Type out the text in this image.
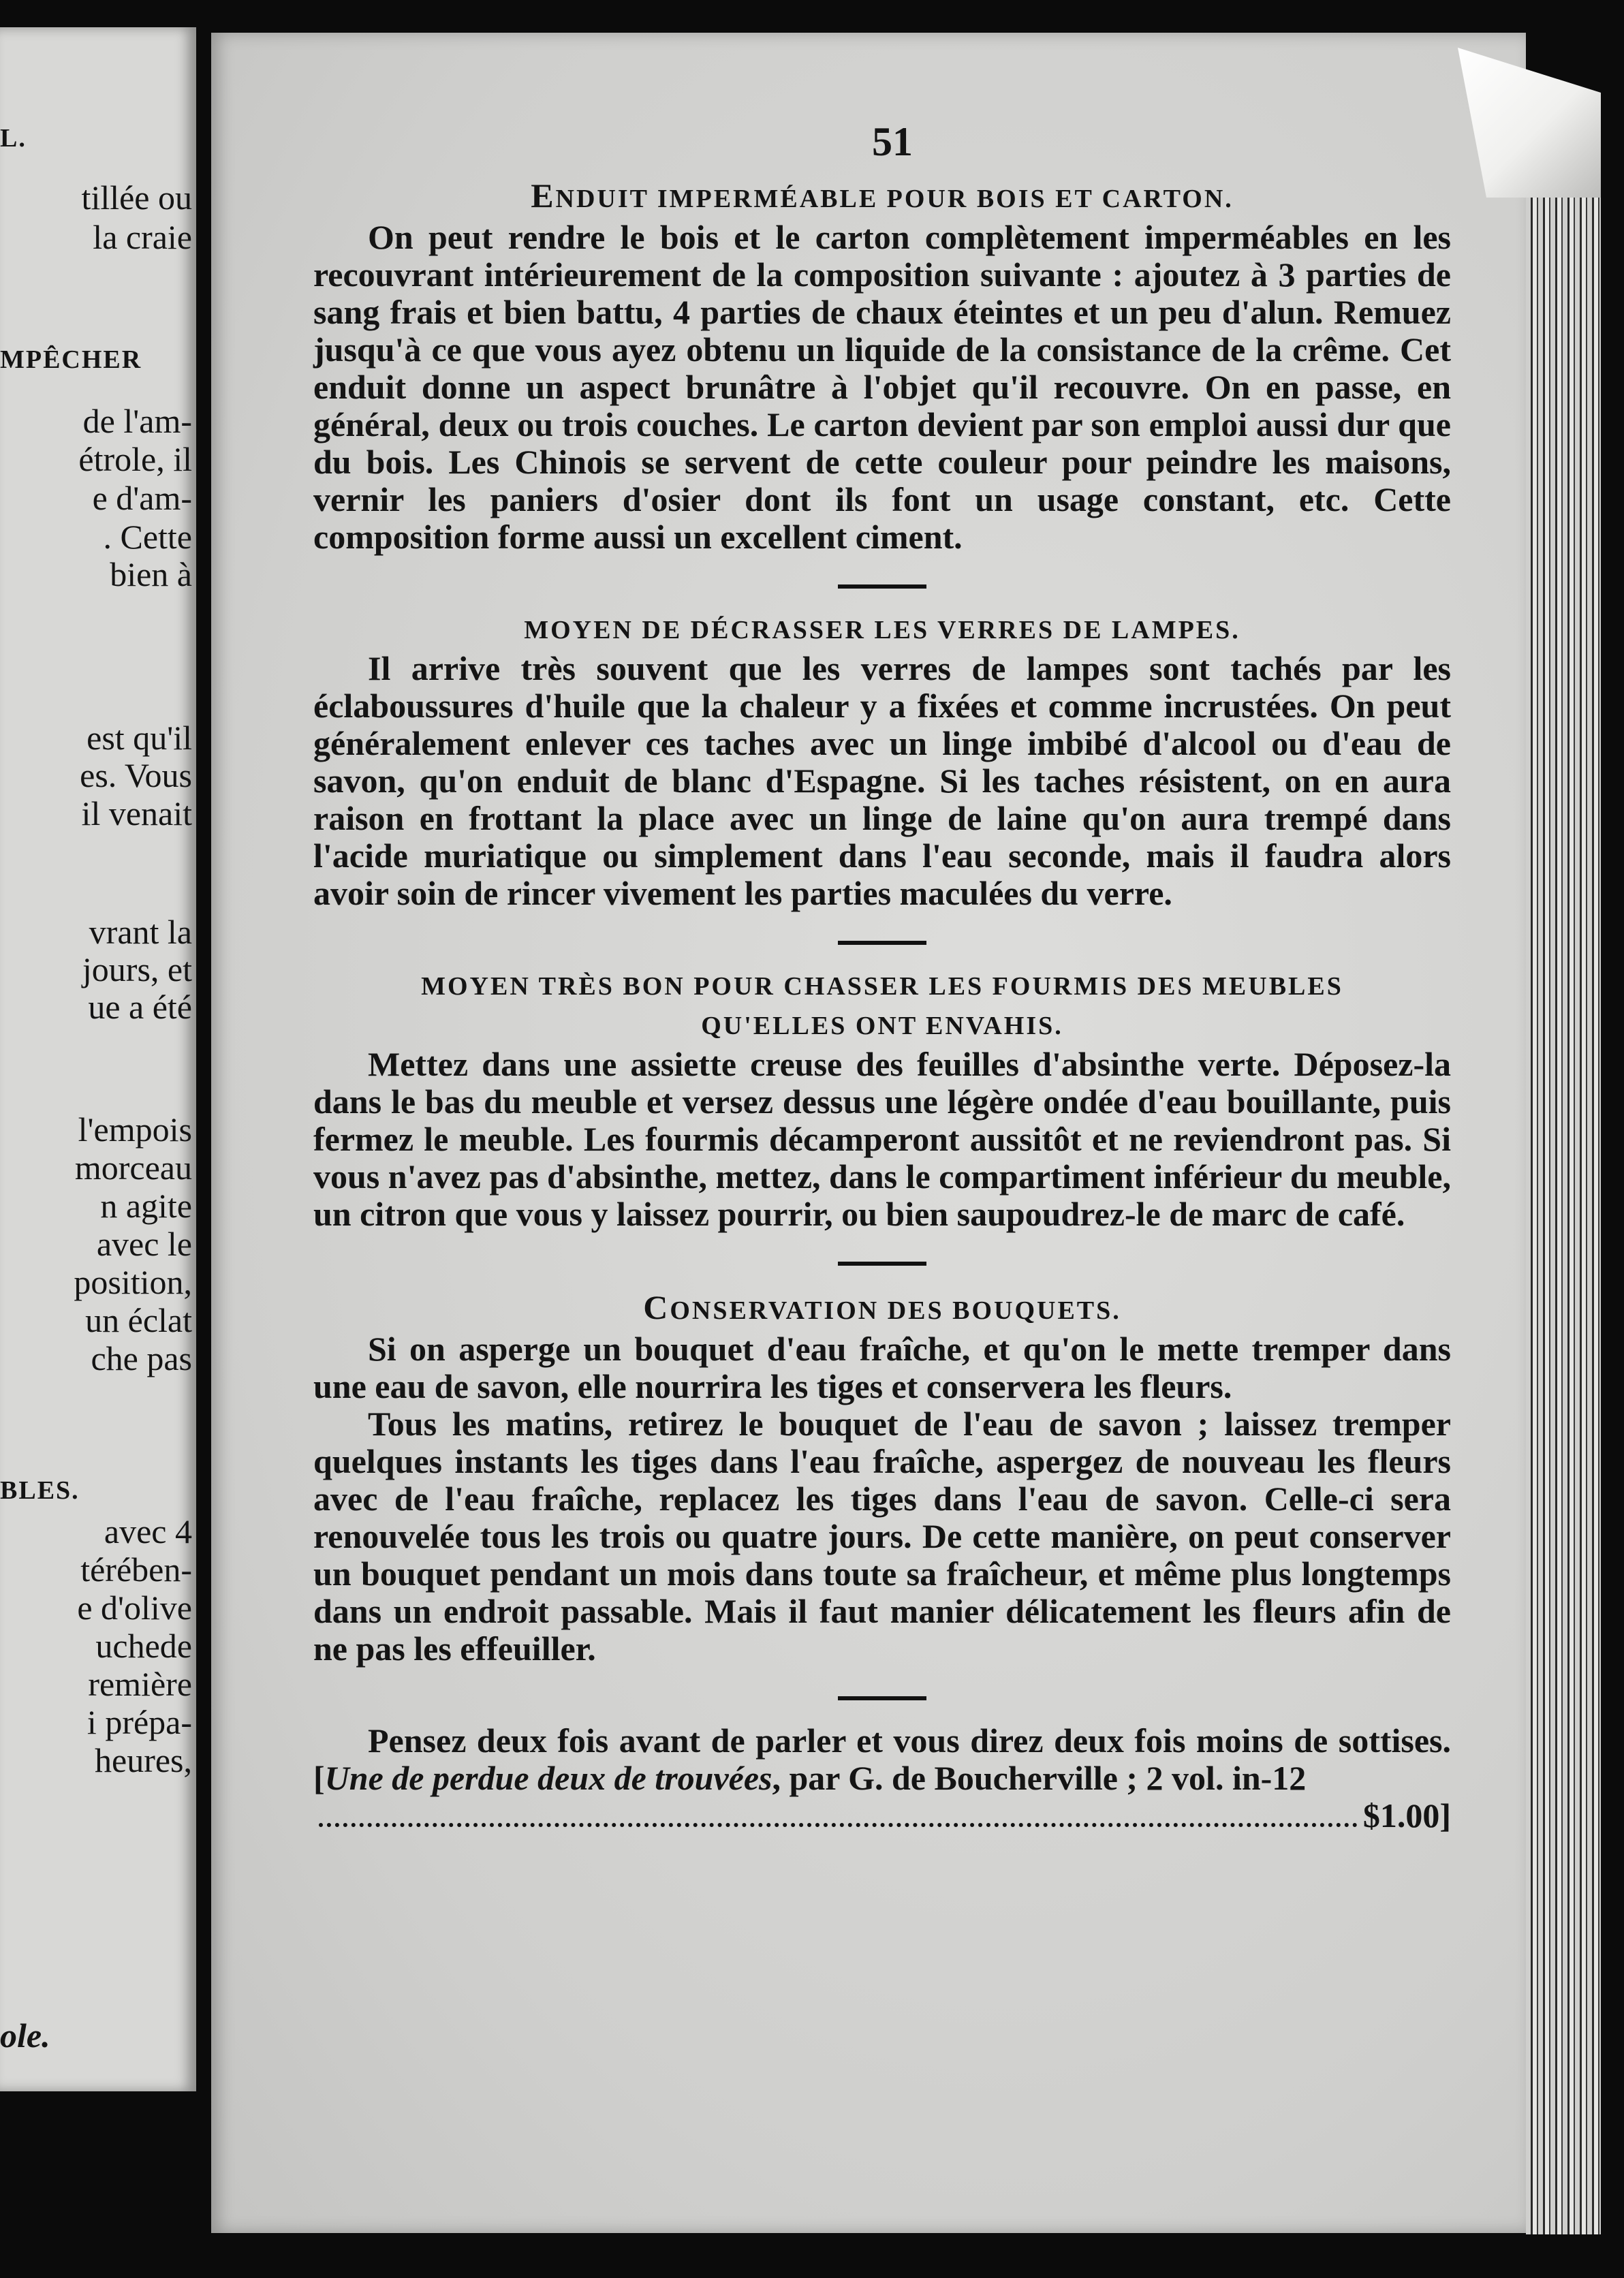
L.

tillée ou

la craie

MPÊCHER

de l'am-

étrole, il

e d'am-

. Cette

bien à

est qu'il

es. Vous

il venait

vrant la

jours, et

ue a été

l'empois

morceau

n agite

avec le

position,

un éclat

che pas

BLES.

avec 4

térében-

e d'olive

uchede

remière

i prépa-

heures,

ole.

51
ENDUIT IMPERMÉABLE POUR BOIS ET CARTON.

On peut rendre le bois et le carton complètement imperméables en les recouvrant intérieurement de la composition suivante : ajoutez à 3 parties de sang frais et bien battu, 4 parties de chaux éteintes et un peu d'alun. Remuez jusqu'à ce que vous ayez obtenu un liquide de la consistance de la crême. Cet enduit donne un aspect brunâtre à l'objet qu'il recouvre. On en passe, en général, deux ou trois couches. Le carton devient par son emploi aussi dur que du bois. Les Chinois se servent de cette couleur pour peindre les maisons, vernir les paniers d'osier dont ils font un usage constant, etc. Cette composition forme aussi un excellent ciment.

MOYEN DE DÉCRASSER LES VERRES DE LAMPES.

Il arrive très souvent que les verres de lampes sont tachés par les éclaboussures d'huile que la chaleur y a fixées et comme incrustées. On peut généralement enlever ces taches avec un linge imbibé d'alcool ou d'eau de savon, qu'on enduit de blanc d'Espagne. Si les taches résistent, on en aura raison en frottant la place avec un linge de laine qu'on aura trempé dans l'acide muriatique ou simplement dans l'eau seconde, mais il faudra alors avoir soin de rincer vivement les parties maculées du verre.

MOYEN TRÈS BON POUR CHASSER LES FOURMIS DES MEUBLES QU'ELLES ONT ENVAHIS.

Mettez dans une assiette creuse des feuilles d'absinthe verte. Déposez-la dans le bas du meuble et versez dessus une légère ondée d'eau bouillante, puis fermez le meuble. Les fourmis décamperont aussitôt et ne reviendront pas. Si vous n'avez pas d'absinthe, mettez, dans le compartiment inférieur du meuble, un citron que vous y laissez pourrir, ou bien saupoudrez-le de marc de café.

CONSERVATION DES BOUQUETS.

Si on asperge un bouquet d'eau fraîche, et qu'on le mette tremper dans une eau de savon, elle nourrira les tiges et conservera les fleurs.

Tous les matins, retirez le bouquet de l'eau de savon ; laissez tremper quelques instants les tiges dans l'eau fraîche, aspergez de nouveau les fleurs avec de l'eau fraîche, replacez les tiges dans l'eau de savon. Celle-ci sera renouvelée tous les trois ou quatre jours. De cette manière, on peut conserver un bouquet pendant un mois dans toute sa fraîcheur, et même plus longtemps dans un endroit passable. Mais il faut manier délicatement les fleurs afin de ne pas les effeuiller.

Pensez deux fois avant de parler et vous direz deux fois moins de sottises. [Une de perdue deux de trouvées, par G. de Boucherville ; 2 vol. in-12

$1.00]
